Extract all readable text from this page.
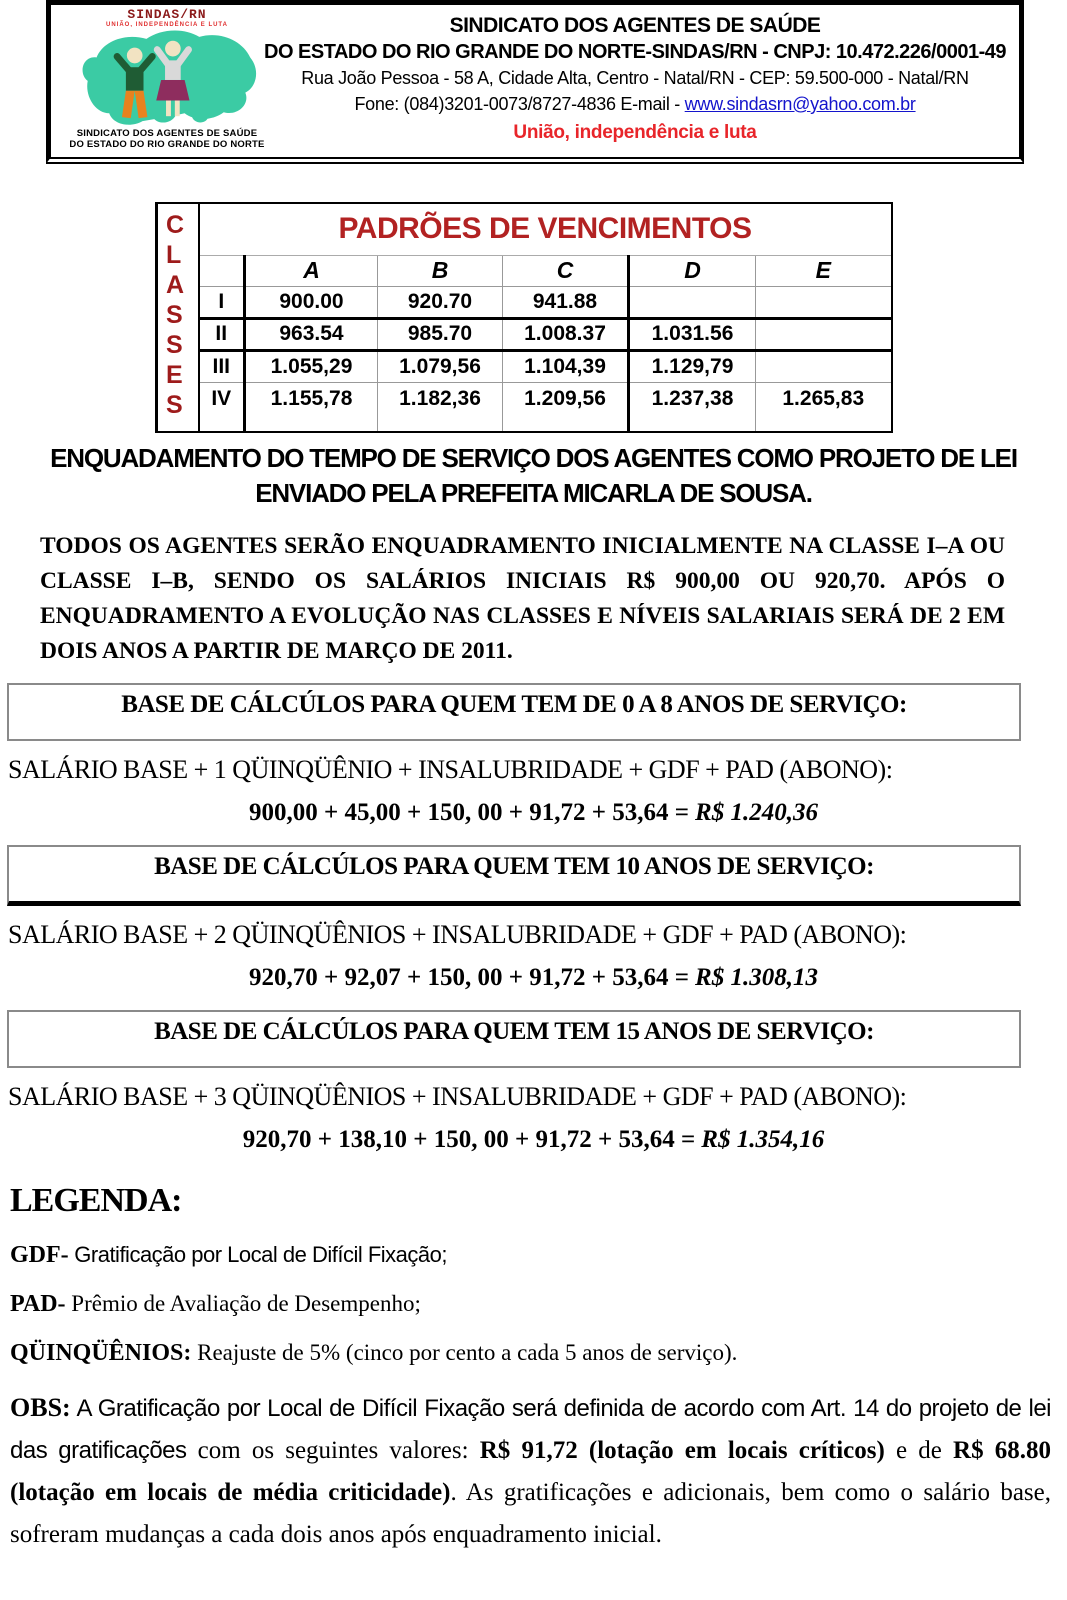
SINDAS/RN
UNIÃO, INDEPENDÊNCIA E LUTA
SINDICATO DOS AGENTES DE SAÚDE
DO ESTADO DO RIO GRANDE DO NORTE
SINDICATO DOS AGENTES DE SAÚDE
DO ESTADO DO RIO GRANDE DO NORTE-SINDAS/RN - CNPJ: 10.472.226/0001-49
Rua João Pessoa - 58 A, Cidade Alta, Centro - Natal/RN - CEP: 59.500-000 - Natal/RN
Fone: (084)3201-0073/8727-4836 E-mail - www.sindasrn@yahoo.com.br
União, independência e luta
CLASSES	PADRÕES DE VENCIMENTOS					
		A	B	C	D	E
	I	900.00	920.70	941.88		
	II	963.54	985.70	1.008.37	1.031.56	
	III	1.055,29	1.079,56	1.104,39	1.129,79	
	IV	1.155,78	1.182,36	1.209,56	1.237,38	1.265,83
ENQUADAMENTO DO TEMPO DE SERVIÇO DOS AGENTES COMO PROJETO DE LEI ENVIADO PELA PREFEITA MICARLA DE SOUSA.
TODOS OS AGENTES SERÃO ENQUADRAMENTO INICIALMENTE NA CLASSE I–A OU CLASSE I–B, SENDO OS SALÁRIOS INICIAIS R$ 900,00 OU 920,70. APÓS O ENQUADRAMENTO A EVOLUÇÃO NAS CLASSES E NÍVEIS SALARIAIS SERÁ DE 2 EM DOIS ANOS A PARTIR DE MARÇO DE 2011.
BASE DE CÁLCÚLOS PARA QUEM TEM DE 0 A 8 ANOS DE SERVIÇO:
SALÁRIO BASE + 1 QÜINQÜÊNIO + INSALUBRIDADE + GDF + PAD (ABONO):
900,00 + 45,00 + 150, 00 + 91,72 + 53,64 = R$ 1.240,36
BASE DE CÁLCÚLOS PARA QUEM TEM 10 ANOS DE SERVIÇO:
SALÁRIO BASE + 2 QÜINQÜÊNIOS + INSALUBRIDADE + GDF + PAD (ABONO):
920,70 + 92,07 + 150, 00 + 91,72 + 53,64 = R$ 1.308,13
BASE DE CÁLCÚLOS PARA QUEM TEM 15 ANOS DE SERVIÇO:
SALÁRIO BASE + 3 QÜINQÜÊNIOS + INSALUBRIDADE + GDF + PAD (ABONO):
920,70 + 138,10 + 150, 00 + 91,72 + 53,64 = R$ 1.354,16
LEGENDA:
GDF- Gratificação por Local de Difícil Fixação;
PAD- Prêmio de Avaliação de Desempenho;
QÜINQÜÊNIOS: Reajuste de 5% (cinco por cento a cada 5 anos de serviço).
OBS: A Gratificação por Local de Difícil Fixação será definida de acordo com Art. 14 do projeto de lei das gratificações com os seguintes valores: R$ 91,72 (lotação em locais críticos) e de R$ 68.80 (lotação em locais de média criticidade). As gratificações e adicionais, bem como o salário base, sofreram mudanças a cada dois anos após enquadramento inicial.
